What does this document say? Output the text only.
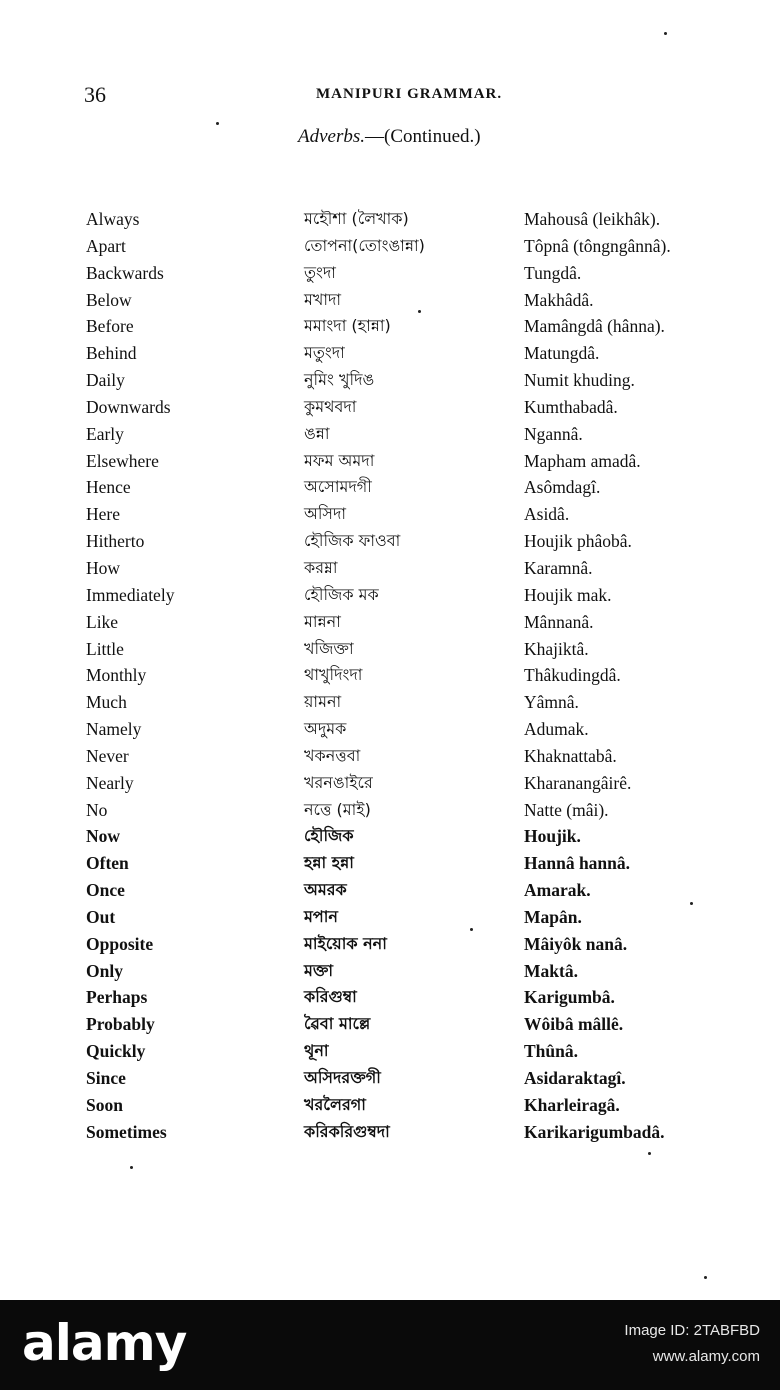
36	MANIPURI GRAMMAR.
Adverbs.—(Continued.)
Always	মহৌশা (লৈখাক)	Mahousâ (leikhâk).
Apart	তোপনা(তোংঙান্না)	Tôpnâ (tôngngânnâ).
Backwards	তুংদা	Tungdâ.
Below	মখাদা	Makhâdâ.
Before	মমাংদা (হান্না)	Mamângdâ (hânna).
Behind	মতুংদা	Matungdâ.
Daily	নুমিং খুদিঙ	Numit khuding.
Downwards	কুমথবদা	Kumthabadâ.
Early	ঙন্না	Ngannâ.
Elsewhere	মফম অমদা	Mapham amadâ.
Hence	অসোমদগী	Asômdagî.
Here	অসিদা	Asidâ.
Hitherto	হৌজিক ফাওবা	Houjik phâobâ.
How	করম্না	Karamnâ.
Immediately	হৌজিক মক	Houjik mak.
Like	মান্ননা	Mânnanâ.
Little	খজিক্তা	Khajiktâ.
Monthly	থাখুদিংদা	Thâkudingdâ.
Much	য়ামনা	Yâmnâ.
Namely	অদুমক	Adumak.
Never	খকনত্তবা	Khaknattabâ.
Nearly	খরনঙাইরে	Kharanangâirê.
No	নত্তে (মাই)	Natte (mâi).
Now	হৌজিক	Houjik.
Often	হন্না হন্না	Hannâ hannâ.
Once	অমরক	Amarak.
Out	মপান	Mapân.
Opposite	মাইয়োক ননা	Mâiyôk nanâ.
Only	মক্তা	Maktâ.
Perhaps	করিগুম্বা	Karigumbâ.
Probably	ৱৈবা মাল্লে	Wôibâ mâllê.
Quickly	থূনা	Thûnâ.
Since	অসিদরক্তগী	Asidaraktagî.
Soon	খরলৈরগা	Kharleiragâ.
Sometimes	করিকরিগুম্বদা	Karikarigumbadâ.
alamy	Image ID: 2TABFBD
www.alamy.com
